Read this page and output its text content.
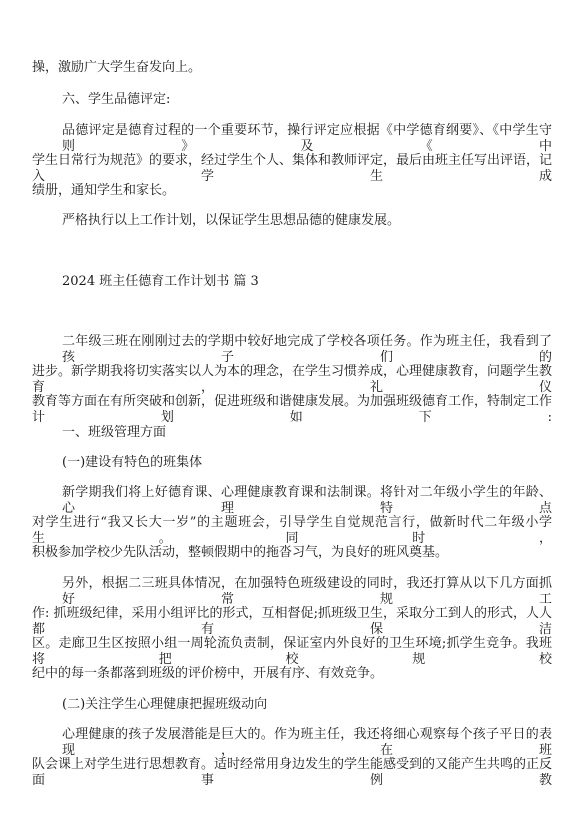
操，激励广大学生奋发向上。
六、学生品德评定:
品德评定是德育过程的一个重要环节，操行评定应根据《中学德育纲要》、《中学生守则》及《中
学生日常行为规范》的要求，经过学生个人、集体和教师评定，最后由班主任写出评语，记入学生成
绩册，通知学生和家长。
严格执行以上工作计划，以保证学生思想品德的健康发展。
2024 班主任德育工作计划书 篇 3
二年级三班在刚刚过去的学期中较好地完成了学校各项任务。作为班主任，我看到了孩子们的
进步。新学期我将切实落实以人为本的理念，在学生习惯养成，心理健康教育，问题学生教育，礼仪
教育等方面在有所突破和创新，促进班级和谐健康发展。为加强班级德育工作，特制定工作计划如下:
一、班级管理方面
(一)建设有特色的班集体
新学期我们将上好德育课、心理健康教育课和法制课。将针对二年级小学生的年龄、心理特点
对学生进行“我又长大一岁”的主题班会，引导学生自觉规范言行，做新时代二年级小学生。同时，
积极参加学校少先队活动，整顿假期中的拖沓习气，为良好的班风奠基。
另外，根据二三班具体情况，在加强特色班级建设的同时，我还打算从以下几方面抓好常规工
作: 抓班级纪律，采用小组评比的形式，互相督促;抓班级卫生，采取分工到人的形式，人人都有保洁
区。走廊卫生区按照小组一周轮流负责制，保证室内外良好的卫生环境;抓学生竞争。我班将把校规校
纪中的每一条都落到班级的评价榜中，开展有序、有效竞争。
(二)关注学生心理健康把握班级动向
心理健康的孩子发展潜能是巨大的。作为班主任，我还将细心观察每个孩子平日的表现，在班
队会课上对学生进行思想教育。适时经常用身边发生的学生能感受到的又能产生共鸣的正反面事例教
